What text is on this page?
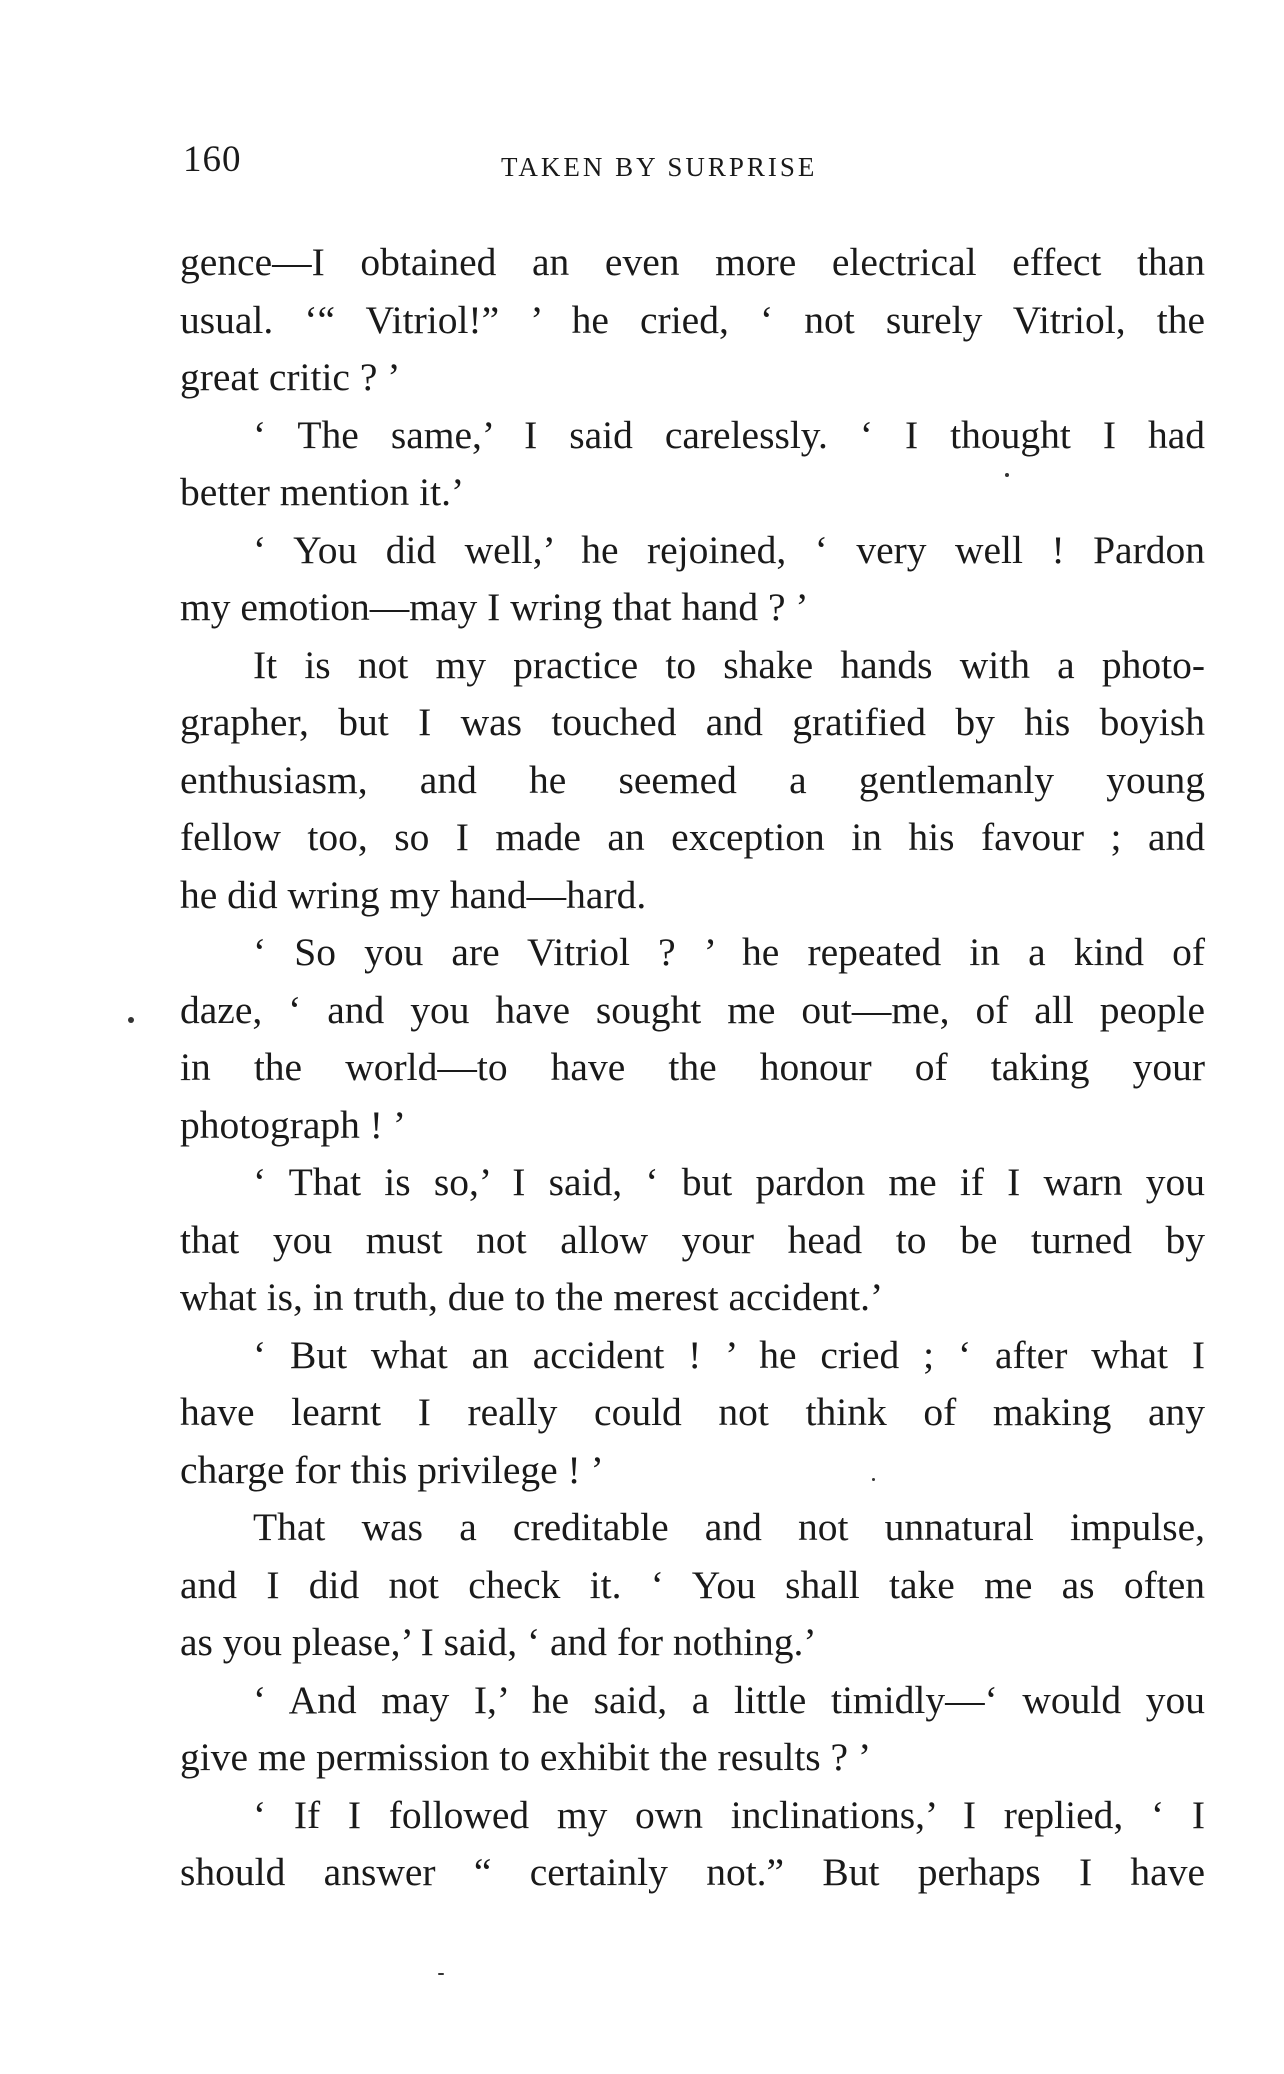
160	TAKEN BY SURPRISE
gence—I obtained an even more electrical effect than
usual. ‘“ Vitriol!” ’ he cried, ‘ not surely Vitriol, the
great critic ? ’
‘ The same,’ I said carelessly. ‘ I thought I had
better mention it.’
‘ You did well,’ he rejoined, ‘ very well ! Pardon
my emotion—may I wring that hand ? ’
It is not my practice to shake hands with a photo-
grapher, but I was touched and gratified by his boyish
enthusiasm, and he seemed a gentlemanly young
fellow too, so I made an exception in his favour ; and
he did wring my hand—hard.
‘ So you are Vitriol ? ’ he repeated in a kind of
daze, ‘ and you have sought me out—me, of all people
in the world—to have the honour of taking your
photograph ! ’
‘ That is so,’ I said, ‘ but pardon me if I warn you
that you must not allow your head to be turned by
what is, in truth, due to the merest accident.’
‘ But what an accident ! ’ he cried ; ‘ after what I
have learnt I really could not think of making any
charge for this privilege ! ’
That was a creditable and not unnatural impulse,
and I did not check it. ‘ You shall take me as often
as you please,’ I said, ‘ and for nothing.’
‘ And may I,’ he said, a little timidly—‘ would you
give me permission to exhibit the results ? ’
‘ If I followed my own inclinations,’ I replied, ‘ I
should answer “ certainly not.” But perhaps I have
